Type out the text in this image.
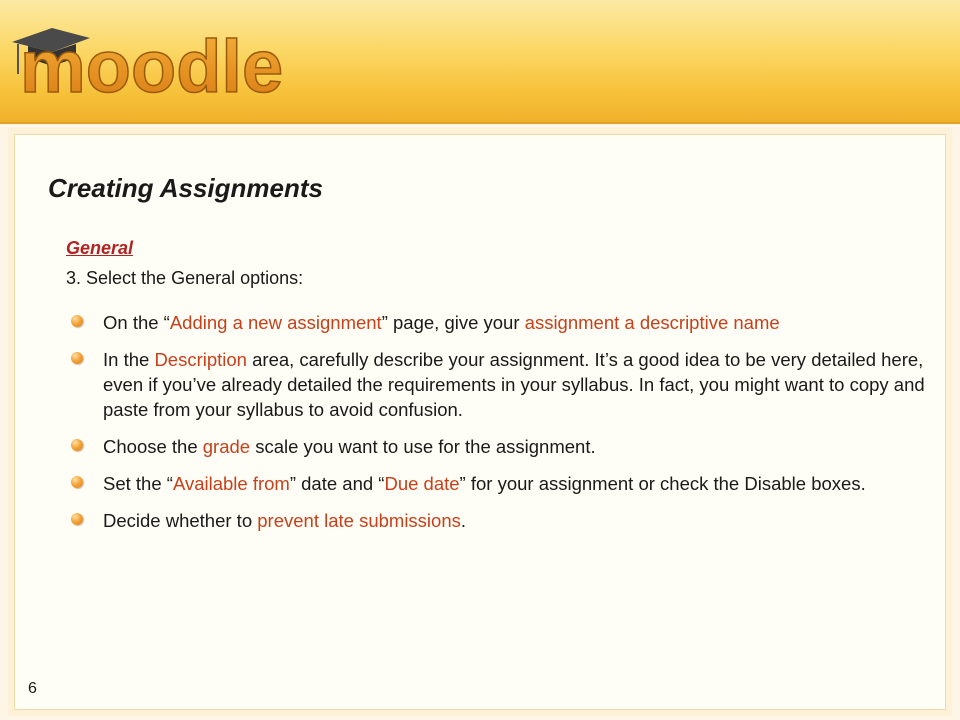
moodle
Creating Assignments
General
3. Select the General options:
On the “Adding a new assignment” page, give your assignment a descriptive name
In the Description area, carefully describe your assignment. It’s a good idea to be very detailed here, even if you’ve already detailed the requirements in your syllabus. In fact, you might want to copy and paste from your syllabus to avoid confusion.
Choose the grade scale you want to use for the assignment.
Set the “Available from” date and “Due date” for your assignment or check the Disable boxes.
Decide whether to prevent late submissions.
6
